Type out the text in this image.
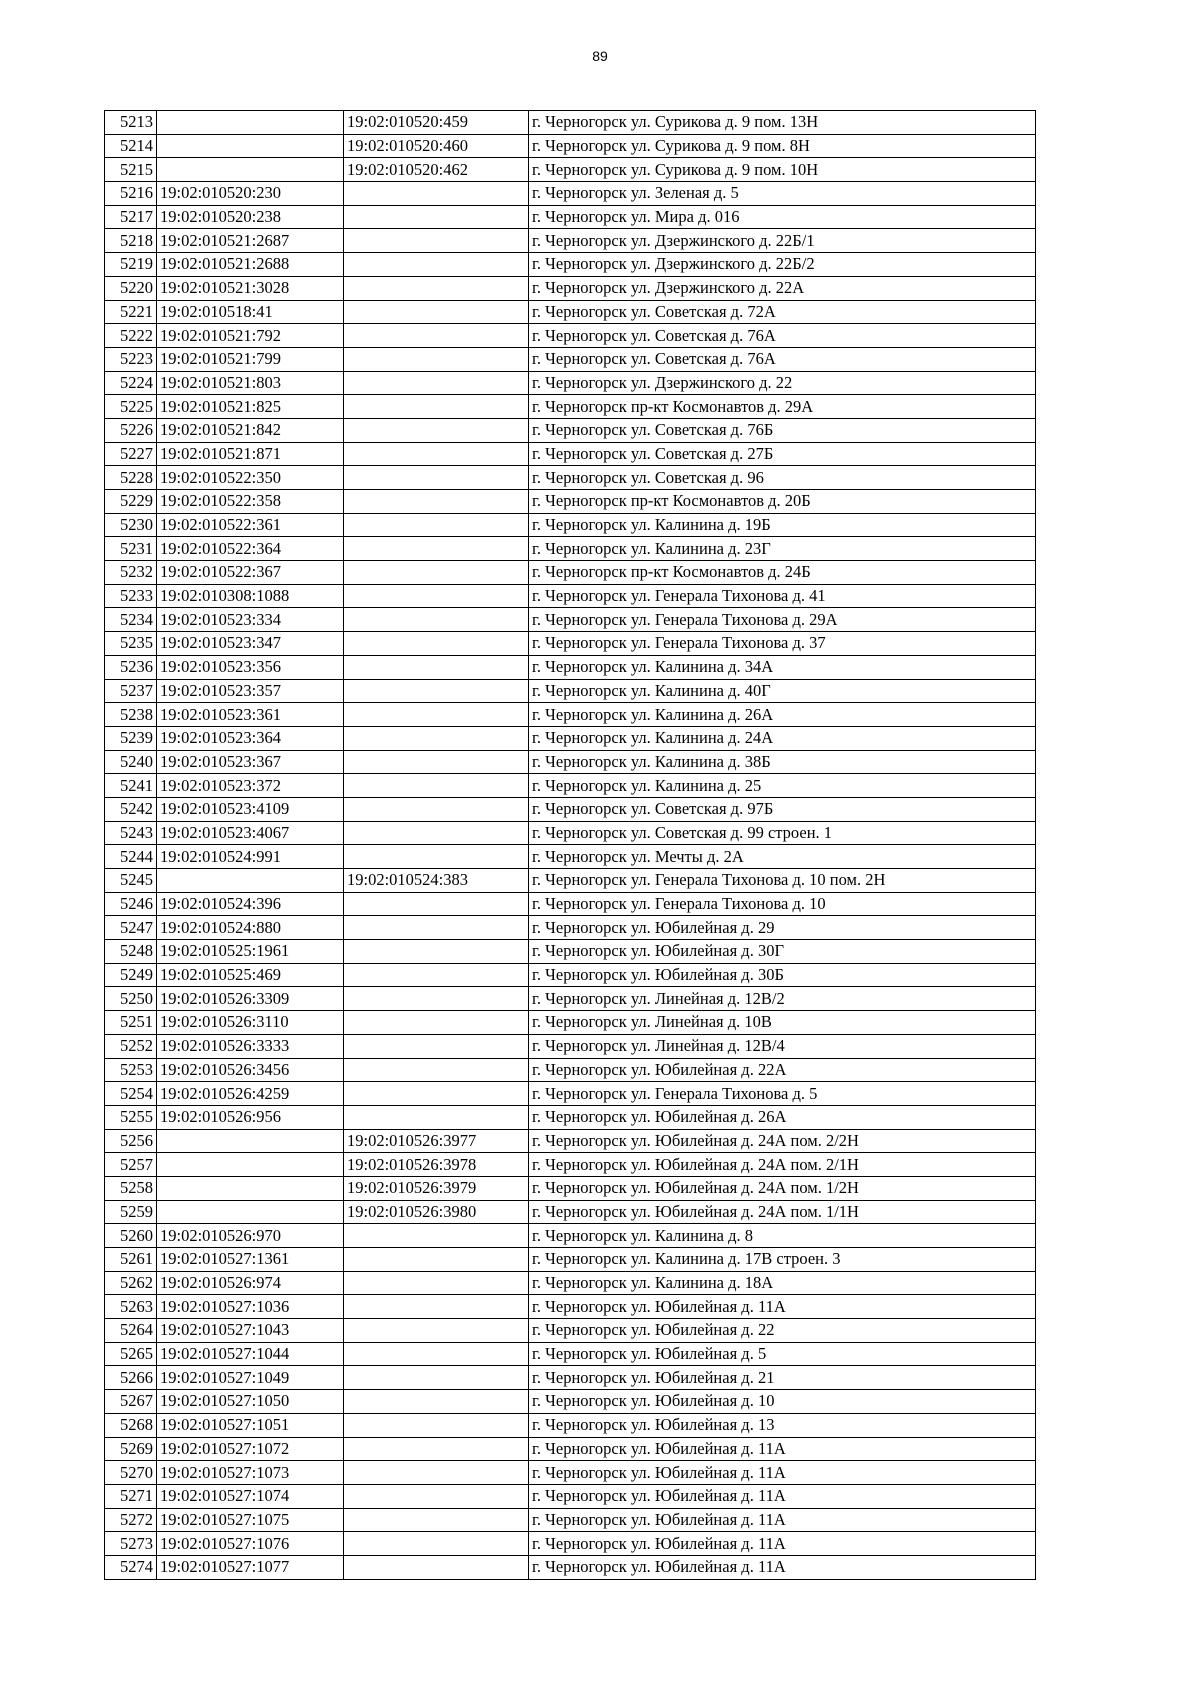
89
5213		19:02:010520:459	г. Черногорск ул. Сурикова д. 9 пом. 13Н
5214		19:02:010520:460	г. Черногорск ул. Сурикова д. 9 пом. 8Н
5215		19:02:010520:462	г. Черногорск ул. Сурикова д. 9 пом. 10Н
5216	19:02:010520:230		г. Черногорск ул. Зеленая д. 5
5217	19:02:010520:238		г. Черногорск ул. Мира д. 016
5218	19:02:010521:2687		г. Черногорск ул. Дзержинского д. 22Б/1
5219	19:02:010521:2688		г. Черногорск ул. Дзержинского д. 22Б/2
5220	19:02:010521:3028		г. Черногорск ул. Дзержинского д. 22А
5221	19:02:010518:41		г. Черногорск ул. Советская д. 72А
5222	19:02:010521:792		г. Черногорск ул. Советская д. 76А
5223	19:02:010521:799		г. Черногорск ул. Советская д. 76А
5224	19:02:010521:803		г. Черногорск ул. Дзержинского д. 22
5225	19:02:010521:825		г. Черногорск пр-кт Космонавтов д. 29А
5226	19:02:010521:842		г. Черногорск ул. Советская д. 76Б
5227	19:02:010521:871		г. Черногорск ул. Советская д. 27Б
5228	19:02:010522:350		г. Черногорск ул. Советская д. 96
5229	19:02:010522:358		г. Черногорск пр-кт Космонавтов д. 20Б
5230	19:02:010522:361		г. Черногорск ул. Калинина д. 19Б
5231	19:02:010522:364		г. Черногорск ул. Калинина д. 23Г
5232	19:02:010522:367		г. Черногорск пр-кт Космонавтов д. 24Б
5233	19:02:010308:1088		г. Черногорск ул. Генерала Тихонова д. 41
5234	19:02:010523:334		г. Черногорск ул. Генерала Тихонова д. 29А
5235	19:02:010523:347		г. Черногорск ул. Генерала Тихонова д. 37
5236	19:02:010523:356		г. Черногорск ул. Калинина д. 34А
5237	19:02:010523:357		г. Черногорск ул. Калинина д. 40Г
5238	19:02:010523:361		г. Черногорск ул. Калинина д. 26А
5239	19:02:010523:364		г. Черногорск ул. Калинина д. 24А
5240	19:02:010523:367		г. Черногорск ул. Калинина д. 38Б
5241	19:02:010523:372		г. Черногорск ул. Калинина д. 25
5242	19:02:010523:4109		г. Черногорск ул. Советская д. 97Б
5243	19:02:010523:4067		г. Черногорск ул. Советская д. 99 строен. 1
5244	19:02:010524:991		г. Черногорск ул. Мечты д. 2А
5245		19:02:010524:383	г. Черногорск ул. Генерала Тихонова д. 10 пом. 2Н
5246	19:02:010524:396		г. Черногорск ул. Генерала Тихонова д. 10
5247	19:02:010524:880		г. Черногорск ул. Юбилейная д. 29
5248	19:02:010525:1961		г. Черногорск ул. Юбилейная д. 30Г
5249	19:02:010525:469		г. Черногорск ул. Юбилейная д. 30Б
5250	19:02:010526:3309		г. Черногорск ул. Линейная д. 12В/2
5251	19:02:010526:3110		г. Черногорск ул. Линейная д. 10В
5252	19:02:010526:3333		г. Черногорск ул. Линейная д. 12В/4
5253	19:02:010526:3456		г. Черногорск ул. Юбилейная д. 22А
5254	19:02:010526:4259		г. Черногорск ул. Генерала Тихонова д. 5
5255	19:02:010526:956		г. Черногорск ул. Юбилейная д. 26А
5256		19:02:010526:3977	г. Черногорск ул. Юбилейная д. 24А пом. 2/2Н
5257		19:02:010526:3978	г. Черногорск ул. Юбилейная д. 24А пом. 2/1Н
5258		19:02:010526:3979	г. Черногорск ул. Юбилейная д. 24А пом. 1/2Н
5259		19:02:010526:3980	г. Черногорск ул. Юбилейная д. 24А пом. 1/1Н
5260	19:02:010526:970		г. Черногорск ул. Калинина д. 8
5261	19:02:010527:1361		г. Черногорск ул. Калинина д. 17В строен. 3
5262	19:02:010526:974		г. Черногорск ул. Калинина д. 18А
5263	19:02:010527:1036		г. Черногорск ул. Юбилейная д. 11А
5264	19:02:010527:1043		г. Черногорск ул. Юбилейная д. 22
5265	19:02:010527:1044		г. Черногорск ул. Юбилейная д. 5
5266	19:02:010527:1049		г. Черногорск ул. Юбилейная д. 21
5267	19:02:010527:1050		г. Черногорск ул. Юбилейная д. 10
5268	19:02:010527:1051		г. Черногорск ул. Юбилейная д. 13
5269	19:02:010527:1072		г. Черногорск ул. Юбилейная д. 11А
5270	19:02:010527:1073		г. Черногорск ул. Юбилейная д. 11А
5271	19:02:010527:1074		г. Черногорск ул. Юбилейная д. 11А
5272	19:02:010527:1075		г. Черногорск ул. Юбилейная д. 11А
5273	19:02:010527:1076		г. Черногорск ул. Юбилейная д. 11А
5274	19:02:010527:1077		г. Черногорск ул. Юбилейная д. 11А
